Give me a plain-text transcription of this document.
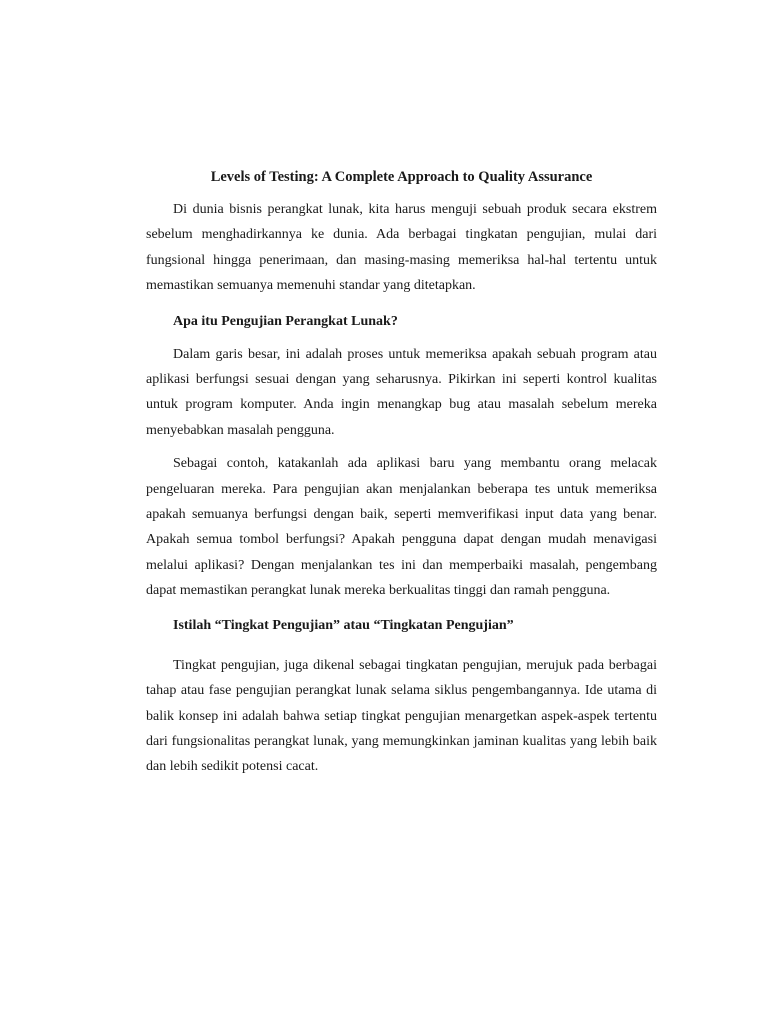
Levels of Testing: A Complete Approach to Quality Assurance

Di dunia bisnis perangkat lunak, kita harus menguji sebuah produk secara ekstrem sebelum menghadirkannya ke dunia. Ada berbagai tingkatan pengujian, mulai dari fungsional hingga penerimaan, dan masing-masing memeriksa hal-hal tertentu untuk memastikan semuanya memenuhi standar yang ditetapkan.

Apa itu Pengujian Perangkat Lunak?

Dalam garis besar, ini adalah proses untuk memeriksa apakah sebuah program atau aplikasi berfungsi sesuai dengan yang seharusnya. Pikirkan ini seperti kontrol kualitas untuk program komputer. Anda ingin menangkap bug atau masalah sebelum mereka menyebabkan masalah pengguna.

Sebagai contoh, katakanlah ada aplikasi baru yang membantu orang melacak pengeluaran mereka. Para pengujian akan menjalankan beberapa tes untuk memeriksa apakah semuanya berfungsi dengan baik, seperti memverifikasi input data yang benar. Apakah semua tombol berfungsi? Apakah pengguna dapat dengan mudah menavigasi melalui aplikasi? Dengan menjalankan tes ini dan memperbaiki masalah, pengembang dapat memastikan perangkat lunak mereka berkualitas tinggi dan ramah pengguna.

Istilah “Tingkat Pengujian” atau “Tingkatan Pengujian”

Tingkat pengujian, juga dikenal sebagai tingkatan pengujian, merujuk pada berbagai tahap atau fase pengujian perangkat lunak selama siklus pengembangannya. Ide utama di balik konsep ini adalah bahwa setiap tingkat pengujian menargetkan aspek-aspek tertentu dari fungsionalitas perangkat lunak, yang memungkinkan jaminan kualitas yang lebih baik dan lebih sedikit potensi cacat.
